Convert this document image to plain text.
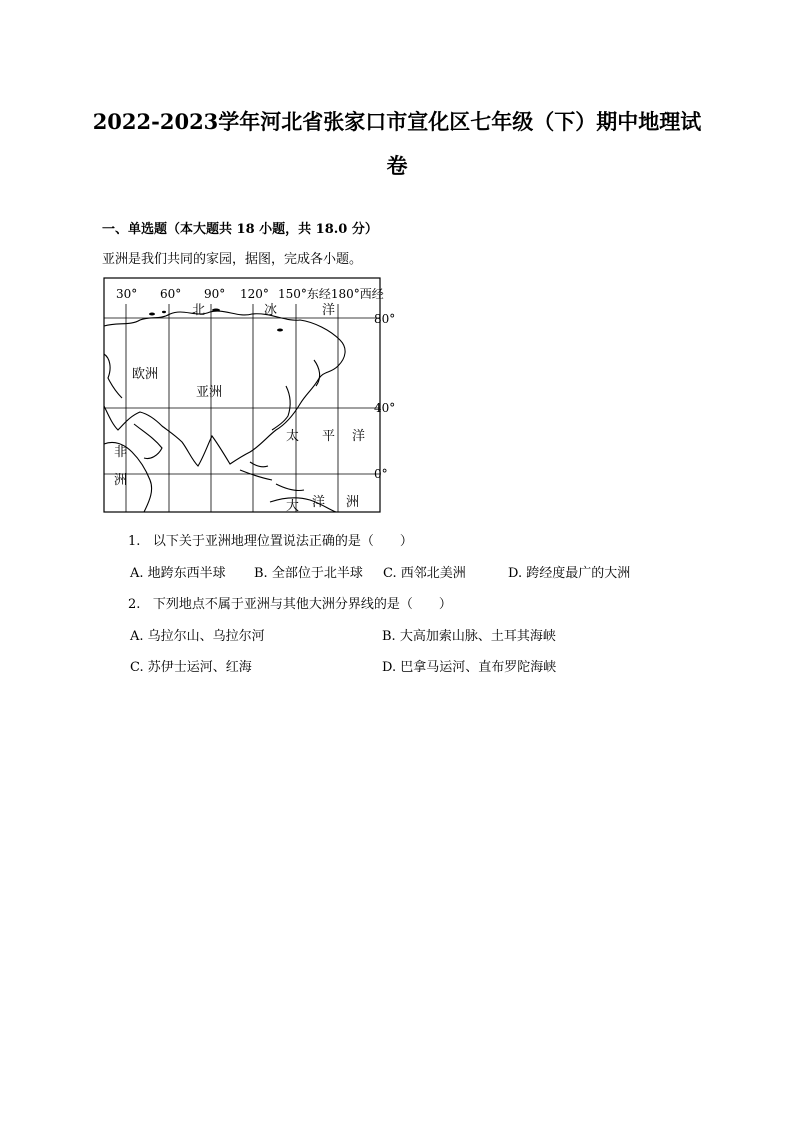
2022-2023学年河北省张家口市宣化区七年级（下）期中地理试
卷
一、单选题（本大题共 18 小题，共 18.0 分）
亚洲是我们共同的家园，据图，完成各小题。
30° 60° 90° 120° 150°东经180°西经
80°
40°
0°
北	冰	洋
欧洲
亚洲
太 平 洋
非
洲
大 洋 洲
1. 以下关于亚洲地理位置说法正确的是（　　）
A. 地跨东西半球 B. 全部位于北半球 C. 西邻北美洲	D. 跨经度最广的大洲
2. 下列地点不属于亚洲与其他大洲分界线的是（　　）
A. 乌拉尔山、乌拉尔河	B. 大高加索山脉、土耳其海峡
C. 苏伊士运河、红海	D. 巴拿马运河、直布罗陀海峡
